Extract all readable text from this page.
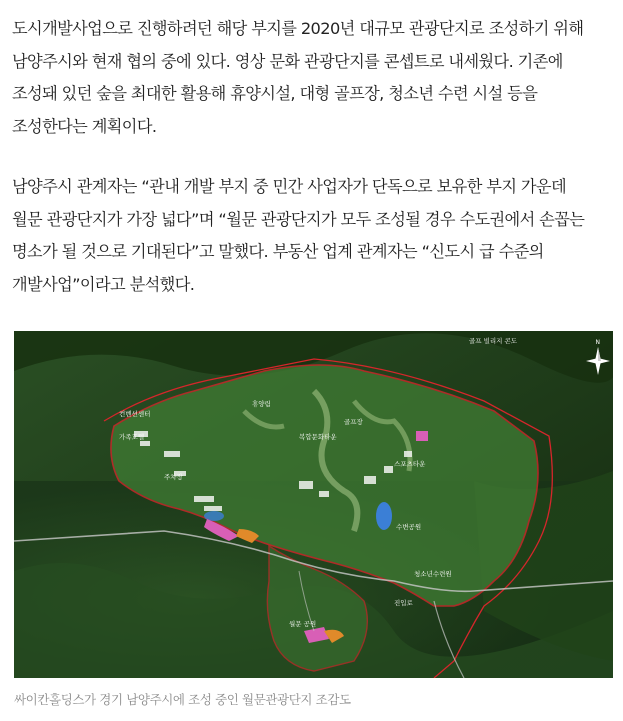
도시개발사업으로 진행하려던 해당 부지를 2020년 대규모 관광단지로 조성하기 위해
남양주시와 현재 협의 중에 있다. 영상 문화 관광단지를 콘셉트로 내세웠다. 기존에
조성돼 있던 숲을 최대한 활용해 휴양시설, 대형 골프장, 청소년 수련 시설 등을
조성한다는 계획이다.
남양주시 관계자는 “관내 개발 부지 중 민간 사업자가 단독으로 보유한 부지 가운데
월문 관광단지가 가장 넓다”며 “월문 관광단지가 모두 조성될 경우 수도권에서 손꼽는
명소가 될 것으로 기대된다”고 말했다. 부동산 업계 관계자는 “신도시 급 수준의
개발사업”이라고 분석했다.
골프 빌리지 콘도
컨벤션센터
가족호텔
수변공원
스포츠타운
휴양림
주차장
청소년수련원
진입로
복합문화타운
골프장
월문 공원
N
싸이칸홀딩스가 경기 남양주시에 조성 중인 월문관광단지 조감도
